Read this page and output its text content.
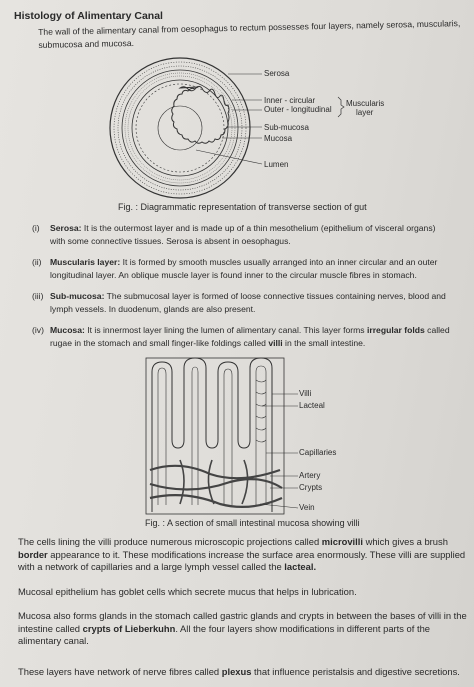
Histology of Alimentary Canal
The wall of the alimentary canal from oesophagus to rectum possesses four layers, namely serosa, muscularis, submucosa and mucosa.
Serosa
Inner - circular
Outer - longitudinal
Muscularis
layer
Sub-mucosa
Mucosa
Lumen
Fig. : Diagrammatic representation of transverse section of gut
(i) Serosa: It is the outermost layer and is made up of a thin mesothelium (epithelium of visceral organs)
with some connective tissues. Serosa is absent in oesophagus.
(ii) Muscularis layer: It is formed by smooth muscles usually arranged into an inner circular and an outer
longitudinal layer. An oblique muscle layer is found inner to the circular muscle fibres in stomach.
(iii) Sub-mucosa: The submucosal layer is formed of loose connective tissues containing nerves, blood and
lymph vessels. In duodenum, glands are also present.
(iv) Mucosa: It is innermost layer lining the lumen of alimentary canal. This layer forms irregular folds called
rugae in the stomach and small finger-like foldings called villi in the small intestine.
Villi
Lacteal
Capillaries
Artery
Crypts
Vein
Fig. : A section of small intestinal mucosa showing villi
The cells lining the villi produce numerous microscopic projections called microvilli which gives a brush border appearance to it. These modifications increase the surface area enormously. These villi are supplied with a network of capillaries and a large lymph vessel called the lacteal.
Mucosal epithelium has goblet cells which secrete mucus that helps in lubrication.
Mucosa also forms glands in the stomach called gastric glands and crypts in between the bases of villi in the intestine called crypts of Lieberkuhn. All the four layers show modifications in different parts of the alimentary canal.
These layers have network of nerve fibres called plexus that influence peristalsis and digestive secretions.
